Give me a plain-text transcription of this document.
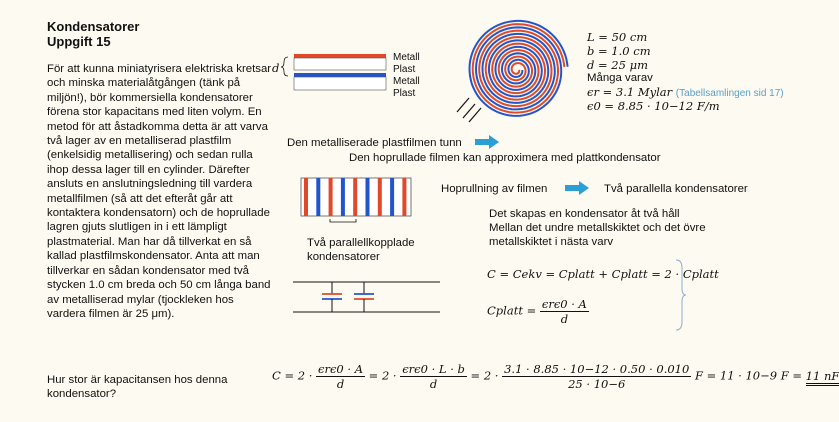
Kondensatorer
Uppgift 15
För att kunna miniatyrisera elektriska kretsar och minska materialåtgången (tänk på miljön!), bör kommersiella kondensatorer förena stor kapacitans med liten volym. En metod för att åstadkomma detta är att varva två lager av en metalliserad plastfilm (enkelsidig metallisering) och sedan rulla ihop dessa lager till en cylinder. Därefter ansluts en anslutningsledning till vardera metallfilmen (så att det efteråt går att kontaktera kondensatorn) och de hoprullade lagren gjuts slutligen in i ett lämpligt plastmaterial. Man har då tillverkat en så kallad plastfilmskondensator. Anta att man tillverkar en sådan kondensator med två stycken 1.0 cm breda och 50 cm långa band av metalliserad mylar (tjockleken hos vardera filmen är 25 μm).
Hur stor är kapacitansen hos denna kondensator?
d
Metall
Plast
Metall
Plast
L = 50 cm
b = 1.0 cm
d = 25 μm
Många varav
ϵr = 3.1 Mylar (Tabellsamlingen sid 17)
ϵ0 = 8.85 · 10−12 F/m
Den metalliserade plastfilmen tunn
Den hoprullade filmen kan approximera med plattkondensator
Hoprullning av filmen	Två parallella kondensatorer
Det skapas en kondensator åt två håll
Mellan det undre metallskiktet och det övre
metallskiktet i nästa varv
Två parallellkopplade kondensatorer
C = Cekv = Cplatt + Cplatt = 2 · Cplatt
Cplatt = $\frac{\text{ϵrϵ0 · A}}{d}$
$C = 2 \cdot \frac{\text{ϵrϵ0 · A}}{d} = 2 \cdot \frac{\text{ϵrϵ0 · L · b}}{d} = 2 \cdot \frac{3.1 \cdot 8.85 \cdot 10-12 \cdot 0.50 \cdot 0.010}{25 \cdot 10-6}$ F = 11 · 10−9 F = 11 nF
